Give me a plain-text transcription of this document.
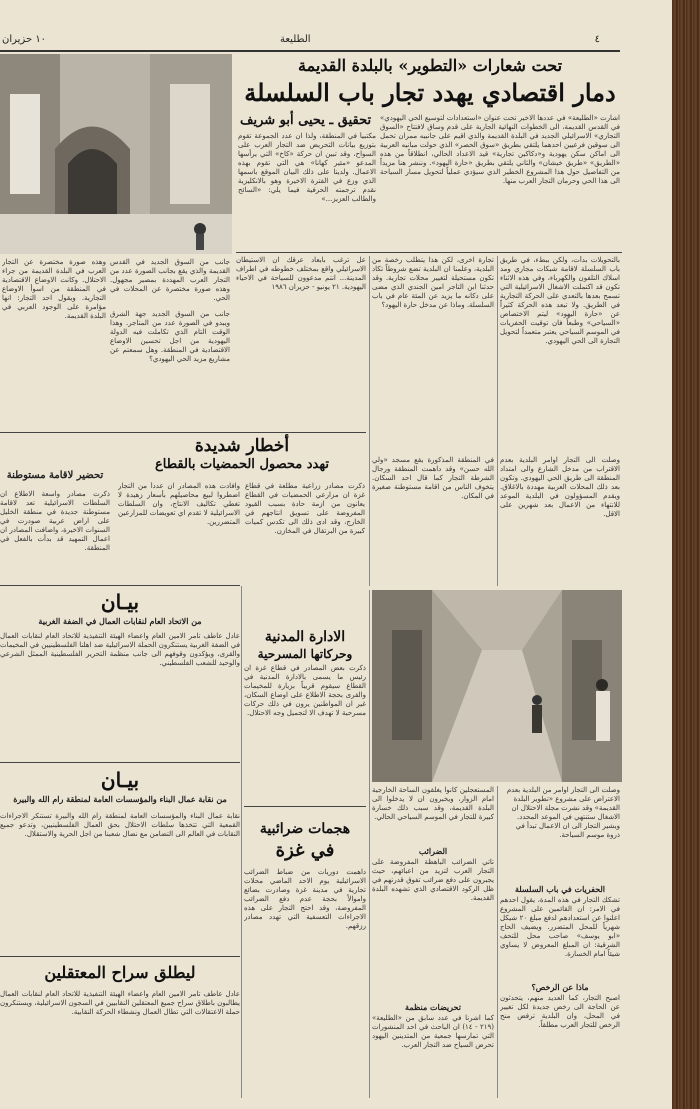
٤
الطليعة
١٠ حزيران
تحت شعارات «التطوير» بالبلدة القديمة
دمار اقتصادي يهدد تجار باب السلسلة
تحقيق ـ يحيى أبو شريف	اشارت «الطليعة» في عددها الاخير تحت عنوان «استعدادات لتوسيع الحي اليهودي» في القدس القديمة، الى الخطوات النهائية الجارية على قدم وساق لافتتاح «السوق التجاري» الاسرائيلي الجديد في البلدة القديمة والذي اقيم على جانبيه ممران تحمل الى سوقين فرعيين احدهما يلتقي بطريق «سوق الحصر» الذي حولت مبانيه العربية الى اماكن سكن يهودية و«دكاكين تجارية» قيد الاعداد الحالي، انطلاقاً من هذه «الطريق» «طريق خيشان» والثاني يلتقي بطريق «حارة اليهود». وننشر هنا مزيداً من التفاصيل حول هذا المشروع الخطير الذي سيؤدي عملياً لتحويل مسار السياحة الى هذا الحي وحرمان التجار العرب منها.
مكتبياً في المنطقة، ولذا ان عدد الجموعة تقوم بتوزيع بيانات التحريض ضد التجار العرب على السواح، وقد تبين ان حركة «كاخ» التي يرأسها المدعو «مئير كهانا» هي التي تقوم بهذه الاعمال. ولدينا على ذلك البيان الموقع باسمها الذي وزع في الفترة الاخيرة وهو بالانكليزية نقدم ترجمته الحرفية فيما يلي: «السائح والطالب العزيز...»
بالتحويلات بدأت، ولكن ببطء، في طريق باب السلسلة لاقامة شبكات مجاري ومد اسلاك التلفون والكهرباء، وفي هذه الاثناء تكون قد اكتملت الاشغال الاسرائيلية التي تسمح بعدها بالتعدي على الحركة التجارية في الطريق. ولا تبعد هذه الحركة كثيراً عن «حارة اليهود» ليتم الاختصاص «السياحي» وطبعاً فان توقيت الحفريات في الموسم السياحي يعتبر متعمداً لتحويل التجارة الى الحي اليهودي.
تجارة اخرى، لكن هذا يتطلب رخصة من البلدية، وعلمنا ان البلدية تضع شروطاً تكاد تكون مستحيلة لتغيير محلات تجارية. وقد حدثنا ابن التاجر امين الجندي الذي مضى على دكانه ما يزيد عن المئة عام في باب السلسلة. وماذا عن مدخل حارة اليهود؟
عل ترغب بابعاد عرقك ان الاستيطان الاسرائيلي واقع بمختلف خطوطه في اطراف المدينة... انتم مدعوون للسياحة في الاحياء اليهودية. ٢١ يونيو - حزيران ١٩٨٦
وصلت الى التجار اوامر البلدية بعدم الاقتراب من مدخل الشارع والى امتداد المنطقة الى طريق الحي اليهودي. وتكون بعد ذلك المحلات العربية مهددة بالاغلاق. ويقدم المسؤولون في البلدية الموعد للانتهاء من الاعمال بعد شهرين على الاقل.
في المنطقة المذكورة يقع مسجد «ولي الله حسن» وقد داهمت المنطقة ورجال الشرطة التجار كما قال احد السكان. يتخوف الناس من اقامة مستوطنة صغيرة في المكان.
جانب من السوق الجديد في القدس القديمة والذي يقع بجانب الصورة عدد من التجار العرب المهددة بمصير مجهول. وهذه صورة مختصرة عن المحلات في الحي.
وهذه صورة مختصرة عن التجار العرب في البلدة القديمة من جراء الاحتلال. وكانت الاوضاع الاقتصادية في المنطقة من اسوأ الاوضاع التجارية. ويقول احد التجار: انها مؤامرة على الوجود العربي في البلدة القديمة. جانب من السوق الجديد جهة الشرق ويبدو في الصورة عدد من المتاجر. وهذا الوقت التام الذي تكاملت فيه الدولة اليهودية من اجل تحسين الاوضاع الاقتصادية في المنطقة. وهل سمعتم عن مشاريع مزيد الحي اليهودي؟
أخطار شديدة
تهدد محصول الحمضيات بالقطاع
تحضير لاقامة مستوطنة
ذكرت مصادر واسعة الاطلاع ان السلطات الاسرائيلية تعد لاقامة مستوطنة جديدة في منطقة الخليل على اراض عربية صودرت في السنوات الاخيرة، واضافت المصادر ان اعمال التمهيد قد بدأت بالفعل في المنطقة.
ذكرت مصادر زراعية مطلعة في قطاع غزة ان مزارعي الحمضيات في القطاع يعانون من ازمة حادة بسبب القيود المفروضة على تسويق انتاجهم في الخارج، وقد ادى ذلك الى تكدس كميات كبيرة من البرتقال في المخازن.
وافادت هذه المصادر ان عدداً من التجار اضطروا لبيع محاصيلهم بأسعار زهيدة لا تغطي تكاليف الانتاج، وان السلطات الاسرائيلية لا تقدم اي تعويضات للمزارعين المتضررين.
بيـان
من الاتحاد العام لنقابات العمال في الضفة الغربية
عادل عاطف تامر الامين العام واعضاء الهيئة التنفيذية للاتحاد العام لنقابات العمال في الضفة الغربية يستنكرون الحملة الاسرائيلية ضد اهلنا الفلسطينيين في المخيمات والقرى، ويؤكدون وقوفهم الى جانب منظمة التحرير الفلسطينية الممثل الشرعي والوحيد للشعب الفلسطيني.
الادارة المدنية
وحركاتها المسرحية
ذكرت بعض المصادر في قطاع غزة ان رئيس ما يسمى بالادارة المدنية في القطاع سيقوم قريباً بزيارة للمخيمات والقرى بحجة الاطلاع على اوضاع السكان، غير ان المواطنين يرون في ذلك حركات مسرحية لا تهدف الا لتجميل وجه الاحتلال.
بيـان
من نقابة عمال البناء والمؤسسات العامة لمنطقة رام الله والبيرة
نقابة عمال البناء والمؤسسات العامة لمنطقة رام الله والبيرة تستنكر الاجراءات القمعية التي تتخذها سلطات الاحتلال بحق العمال الفلسطينيين، وتدعو جميع النقابات في العالم الى التضامن مع نضال شعبنا من اجل الحرية والاستقلال.	هجمات ضرائبية
في غزة
داهمت دوريات من ضباط الضرائب الاسرائيلية يوم الاحد الماضي محلات تجارية في مدينة غزة وصادرت بضائع واموالاً بحجة عدم دفع الضرائب المفروضة، وقد احتج التجار على هذه الاجراءات التعسفية التي تهدد مصادر رزقهم.
ليطلق سراح المعتقلين
عادل عاطف تامر الامين العام واعضاء الهيئة التنفيذية للاتحاد العام لنقابات العمال يطالبون باطلاق سراح جميع المعتقلين النقابيين في السجون الاسرائيلية، ويستنكرون حملة الاعتقالات التي تطال العمال ونشطاء الحركة النقابية.
وصلت الى التجار اوامر من البلدية بعدم الاعتراض على مشروع «تطوير البلدة القديمة» وقد نشرت مجلة الاحتلال ان الاشغال ستنتهي في الموعد المحدد. ويشير التجار الى ان الاعمال تبدأ في ذروة موسم السياحة.
المستعجلين كانوا يغلقون الساحة الخارجية امام الزوار، ويخبرون ان لا يدخلوا الى البلدة القديمة، وقد سبب ذلك خسارة كبيرة للتجار في الموسم السياحي الحالي.
الحفريات في باب السلسلة
تشكك التجار في هذه المدة، يقول احدهم في الامر: ان القائمين على المشروع اعلنوا عن استعدادهم لدفع مبلغ ٢٠ شيكل شهرياً للمحل المتضرر. ويضيف الحاج «ابو يوسف» صاحب محل للتحف الشرقية: ان المبلغ المعروض لا يساوي شيئاً امام الخسارة.
الضرائب
تاتي الضرائب الباهظة المفروضة على التجار العرب لتزيد من اعبائهم، حيث يجبرون على دفع ضرائب تفوق قدرتهم في ظل الركود الاقتصادي الذي تشهده البلدة القديمة.
ماذا عن الرخص؟
اصبح التجار، كما العديد منهم، يتحدثون عن الحاجة الى رخص جديدة لكل تغيير في المحل، وان البلدية ترفض منح الرخص للتجار العرب مطلقاً.
تحريضات منظمة
كما اشرنا في عدد سابق من «الطليعة» (٢١٩ - ١٤) ان الباحث في احد المنشورات التي تمارسها جمعية من المتدينين اليهود تحرض السياح ضد التجار العرب.
